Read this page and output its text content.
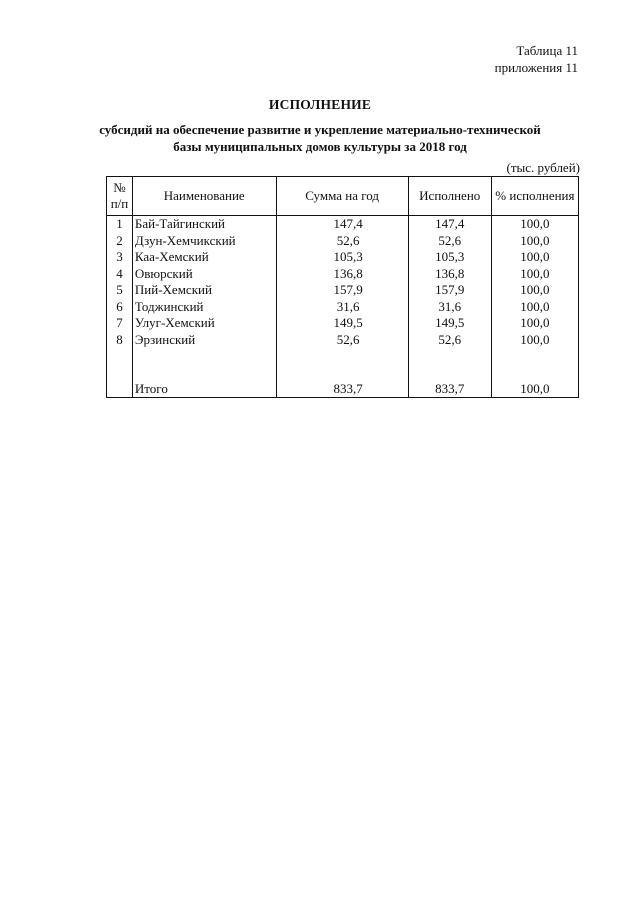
Таблица 11
приложения 11
ИСПОЛНЕНИЕ
субсидий на обеспечение развитие и укрепление материально-технической
базы муниципальных домов культуры за 2018 год
(тыс. рублей)
№ п/п	Наименование	Сумма на год	Исполнено	% исполнения
1	Бай-Тайгинский	147,4	147,4	100,0
2	Дзун-Хемчикский	52,6	52,6	100,0
3	Каа-Хемский	105,3	105,3	100,0
4	Овюрский	136,8	136,8	100,0
5	Пий-Хемский	157,9	157,9	100,0
6	Тоджинский	31,6	31,6	100,0
7	Улуг-Хемский	149,5	149,5	100,0
8	Эрзинский	52,6	52,6	100,0

	Итого	833,7	833,7	100,0
